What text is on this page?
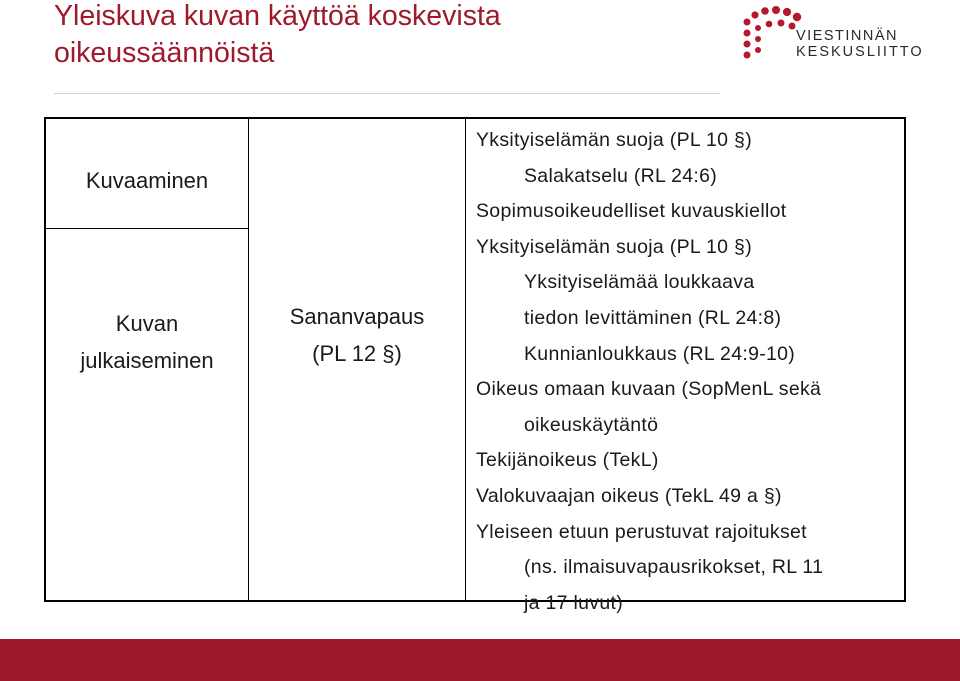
Yleiskuva kuvan käyttöä koskevista
oikeussäännöistä
VIESTINNÄN
KESKUSLIITTO
Kuvaaminen
Kuvan
julkaiseminen
Sananvapaus
(PL 12 §)
Yksityiselämän suoja (PL 10 §)
Salakatselu (RL 24:6)
Sopimusoikeudelliset kuvauskiellot
Yksityiselämän suoja (PL 10 §)
Yksityiselämää loukkaava
tiedon levittäminen (RL 24:8)
Kunnianloukkaus (RL 24:9-10)
Oikeus omaan kuvaan (SopMenL sekä
oikeuskäytäntö
Tekijänoikeus (TekL)
Valokuvaajan oikeus (TekL 49 a §)
Yleiseen etuun perustuvat rajoitukset
(ns. ilmaisuvapausrikokset, RL 11
ja 17 luvut)
